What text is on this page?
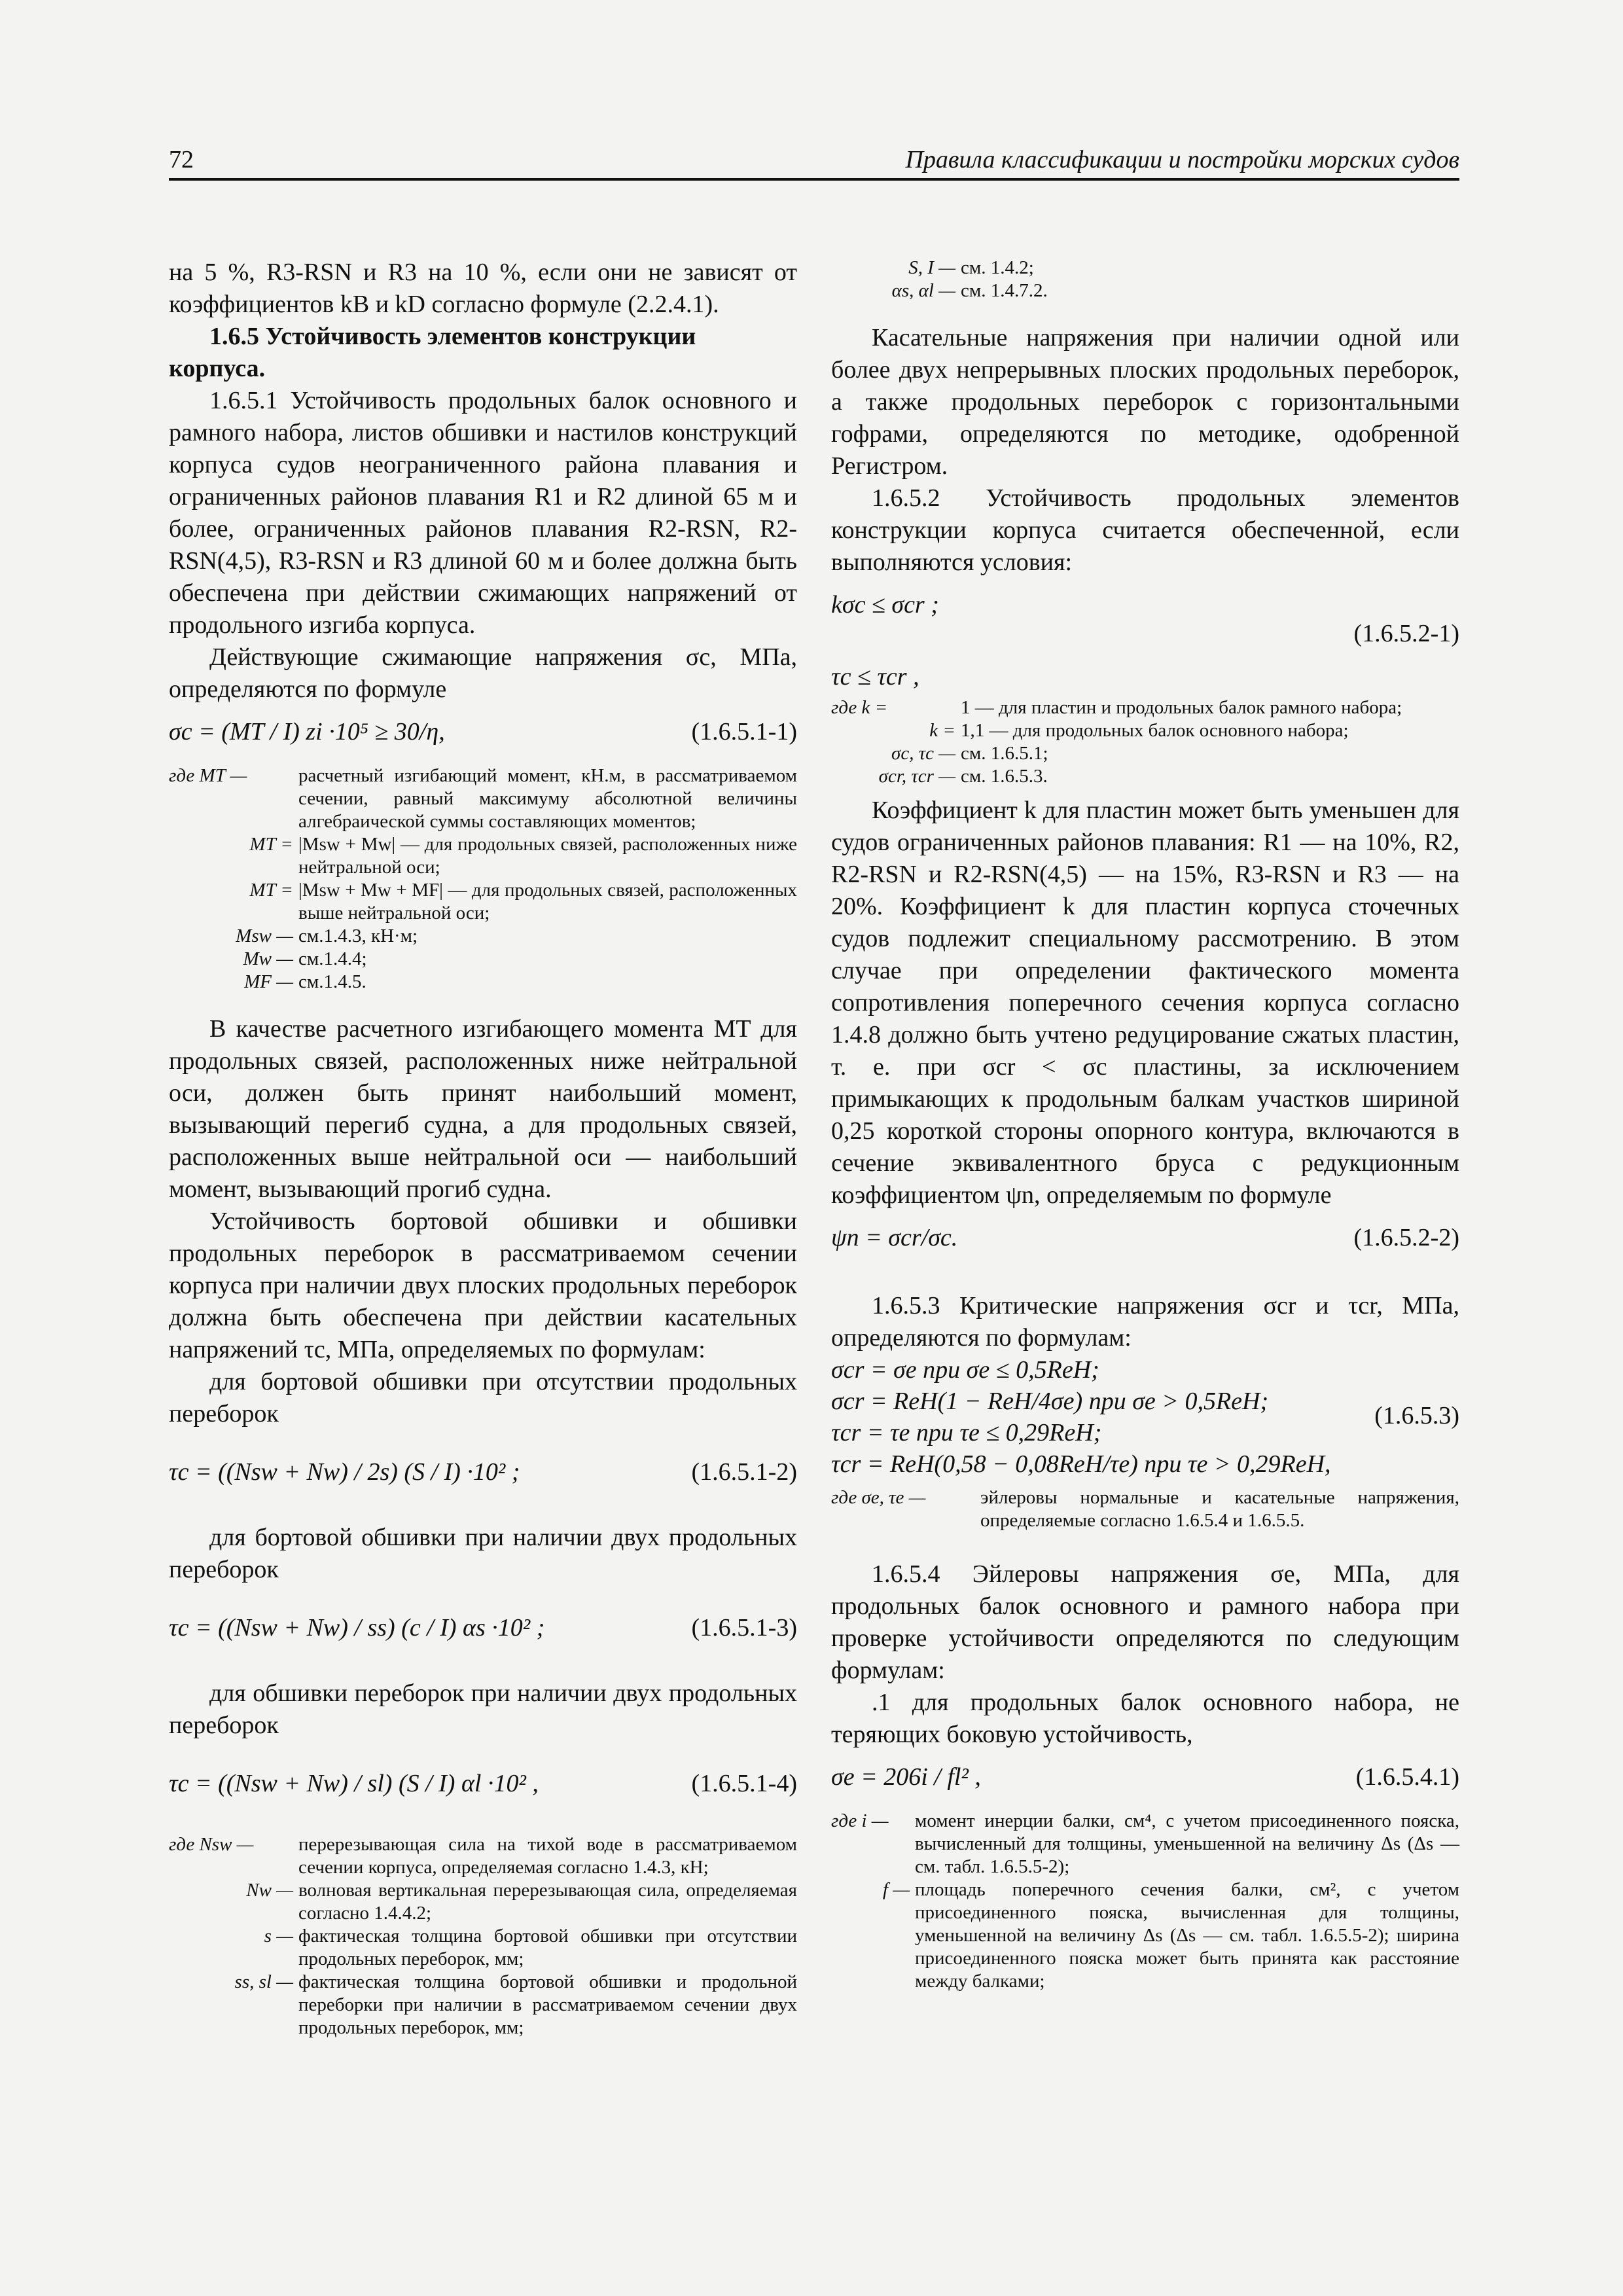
72	Правила классификации и постройки морских судов

на 5 %, R3-RSN и R3 на 10 %, если они не зависят от коэффициентов kB и kD согласно формуле (2.2.4.1).

1.6.5 Устойчивость элементов конструкции корпуса.

1.6.5.1 Устойчивость продольных балок основного и рамного набора, листов обшивки и настилов конструкций корпуса судов неограниченного района плавания и ограниченных районов плавания R1 и R2 длиной 65 м и более, ограниченных районов плавания R2-RSN, R2-RSN(4,5), R3-RSN и R3 длиной 60 м и более должна быть обеспечена при действии сжимающих напряжений от продольного изгиба корпуса.

Действующие сжимающие напряжения σc, МПа, определяются по формуле

σc = (MT / I) zi ·10⁵ ≥ 30/η,	(1.6.5.1-1)
где MT —	расчетный изгибающий момент, кН.м, в рассматриваемом сечении, равный максимуму абсолютной величины алгебраической суммы составляющих моментов;
MT = |Msw + Mw| — для продольных связей, расположенных ниже нейтральной оси;
MT = |Msw + Mw + MF| — для продольных связей, расположенных выше нейтральной оси;
Msw — см.1.4.3, кН·м;
Mw — см.1.4.4;
MF — см.1.4.5.

В качестве расчетного изгибающего момента MT для продольных связей, расположенных ниже нейтральной оси, должен быть принят наибольший момент, вызывающий перегиб судна, а для продольных связей, расположенных выше нейтральной оси — наибольший момент, вызывающий прогиб судна.

Устойчивость бортовой обшивки и обшивки продольных переборок в рассматриваемом сечении корпуса при наличии двух плоских продольных переборок должна быть обеспечена при действии касательных напряжений τc, МПа, определяемых по формулам:

для бортовой обшивки при отсутствии продольных переборок

τc = ((Nsw + Nw) / 2s) (S / I) ·10² ;	(1.6.5.1-2)

для бортовой обшивки при наличии двух продольных переборок

τc = ((Nsw + Nw) / ss) (c / I) αs ·10² ;	(1.6.5.1-3)

для обшивки переборок при наличии двух продольных переборок

τc = ((Nsw + Nw) / sl) (S / I) αl ·10² ,	(1.6.5.1-4)
где Nsw —	перерезывающая сила на тихой воде в рассматриваемом сечении корпуса, определяемая согласно 1.4.3, кН;
Nw — волновая вертикальная перерезывающая сила, определяемая согласно 1.4.4.2;
s — фактическая толщина бортовой обшивки при отсутствии продольных переборок, мм;
ss, sl — фактическая толщина бортовой обшивки и продольной переборки при наличии в рассматриваемом сечении двух продольных переборок, мм;
S, I — см. 1.4.2;
αs, αl — см. 1.4.7.2.

Касательные напряжения при наличии одной или более двух непрерывных плоских продольных переборок, а также продольных переборок с горизонтальными гофрами, определяются по методике, одобренной Регистром.

1.6.5.2 Устойчивость продольных элементов конструкции корпуса считается обеспеченной, если выполняются условия:

kσc ≤ σcr ;
(1.6.5.2-1)
τc ≤ τcr ,
где k =	1 — для пластин и продольных балок рамного набора;
k = 1,1 — для продольных балок основного набора;
σc, τc — см. 1.6.5.1;
σcr, τcr — см. 1.6.5.3.

Коэффициент k для пластин может быть уменьшен для судов ограниченных районов плавания: R1 — на 10%, R2, R2-RSN и R2-RSN(4,5) — на 15%, R3-RSN и R3 — на 20%. Коэффициент k для пластин корпуса сточечных судов подлежит специальному рассмотрению. В этом случае при определении фактического момента сопротивления поперечного сечения корпуса согласно 1.4.8 должно быть учтено редуцирование сжатых пластин, т. е. при σcr < σc пластины, за исключением примыкающих к продольным балкам участков шириной 0,25 короткой стороны опорного контура, включаются в сечение эквивалентного бруса с редукционным коэффициентом ψn, определяемым по формуле

ψn = σcr/σc.	(1.6.5.2-2)

1.6.5.3 Критические напряжения σcr и τcr, МПа, определяются по формулам:

σcr = σe при σe ≤ 0,5ReH;
σcr = ReH(1 − ReH/4σe) при σe > 0,5ReH;
τcr = τe при τe ≤ 0,29ReH;
τcr = ReH(0,58 − 0,08ReH/τe) при τe > 0,29ReH,
(1.6.5.3)
где σe, τe —	эйлеровы нормальные и касательные напряжения, определяемые согласно 1.6.5.4 и 1.6.5.5.

1.6.5.4 Эйлеровы напряжения σe, МПа, для продольных балок основного и рамного набора при проверке устойчивости определяются по следующим формулам:

.1 для продольных балок основного набора, не теряющих боковую устойчивость,

σe = 206i / fl² ,	(1.6.5.4.1)
где i —	момент инерции балки, см⁴, с учетом присоединенного пояска, вычисленный для толщины, уменьшенной на величину Δs (Δs — см. табл. 1.6.5.5-2);
f — площадь поперечного сечения балки, см², с учетом присоединенного пояска, вычисленная для толщины, уменьшенной на величину Δs (Δs — см. табл. 1.6.5.5-2); ширина присоединенного пояска может быть принята как расстояние между балками;
